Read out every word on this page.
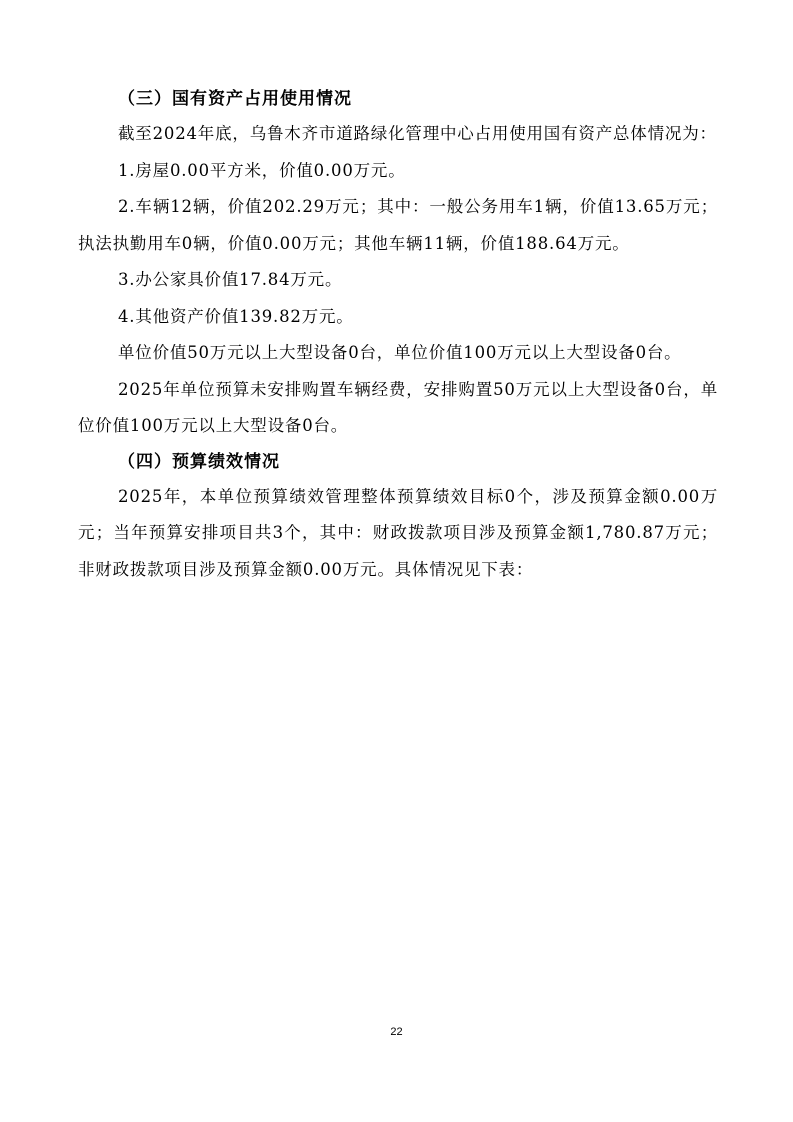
（三）国有资产占用使用情况

截至2024年底，乌鲁木齐市道路绿化管理中心占用使用国有资产总体情况为：

1.房屋0.00平方米，价值0.00万元。

2.车辆12辆，价值202.29万元；其中：一般公务用车1辆，价值13.65万元；执法执勤用车0辆，价值0.00万元；其他车辆11辆，价值188.64万元。

3.办公家具价值17.84万元。

4.其他资产价值139.82万元。

单位价值50万元以上大型设备0台，单位价值100万元以上大型设备0台。

2025年单位预算未安排购置车辆经费，安排购置50万元以上大型设备0台，单位价值100万元以上大型设备0台。

（四）预算绩效情况

2025年，本单位预算绩效管理整体预算绩效目标0个，涉及预算金额0.00万元；当年预算安排项目共3个，其中：财政拨款项目涉及预算金额1,780.87万元；非财政拨款项目涉及预算金额0.00万元。具体情况见下表：

22
